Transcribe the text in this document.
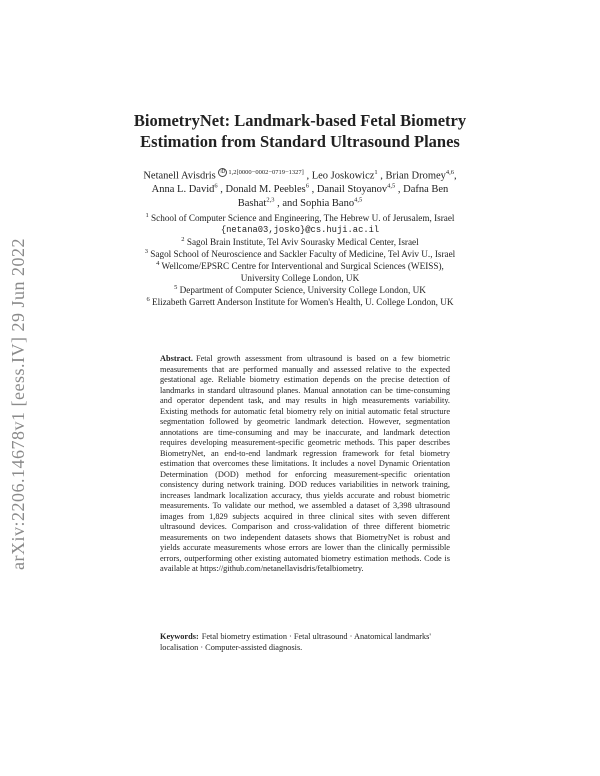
arXiv:2206.14678v1 [eess.IV] 29 Jun 2022
BiometryNet: Landmark-based Fetal Biometry
Estimation from Standard Ultrasound Planes
Netanell Avisdris $^{iD 1,2[0000-0002-0719-1327]}$ , Leo Joskowicz$^1$ , Brian Dromey$^{4,6}$,
Anna L. David$^6$ , Donald M. Peebles$^6$ , Danail Stoyanov$^{4,5}$ , Dafna Ben
Bashat$^{2,3}$ , and Sophia Bano$^{4,5}$
$^1$ School of Computer Science and Engineering, The Hebrew U. of Jerusalem, Israel
{netana03,josko}@cs.huji.ac.il
$^2$ Sagol Brain Institute, Tel Aviv Sourasky Medical Center, Israel
$^3$ Sagol School of Neuroscience and Sackler Faculty of Medicine, Tel Aviv U., Israel
$^4$ Wellcome/EPSRC Centre for Interventional and Surgical Sciences (WEISS),
University College London, UK
$^5$ Department of Computer Science, University College London, UK
$^6$ Elizabeth Garrett Anderson Institute for Women's Health, U. College London, UK
Abstract. Fetal growth assessment from ultrasound is based on a few biometric measurements that are performed manually and assessed relative to the expected gestational age. Reliable biometry estimation depends on the precise detection of landmarks in standard ultrasound planes. Manual annotation can be time-consuming and operator dependent task, and may results in high measurements variability. Existing methods for automatic fetal biometry rely on initial automatic fetal structure segmentation followed by geometric landmark detection. However, segmentation annotations are time-consuming and may be inaccurate, and landmark detection requires developing measurement-specific geometric methods. This paper describes BiometryNet, an end-to-end landmark regression framework for fetal biometry estimation that overcomes these limitations. It includes a novel Dynamic Orientation Determination (DOD) method for enforcing measurement-specific orientation consistency during network training. DOD reduces variabilities in network training, increases landmark localization accuracy, thus yields accurate and robust biometric measurements. To validate our method, we assembled a dataset of 3,398 ultrasound images from 1,829 subjects acquired in three clinical sites with seven different ultrasound devices. Comparison and cross-validation of three different biometric measurements on two independent datasets shows that BiometryNet is robust and yields accurate measurements whose errors are lower than the clinically permissible errors, outperforming other existing automated biometry estimation methods. Code is available at https://github.com/netanellavisdris/fetalbiometry.
Keywords: Fetal biometry estimation · Fetal ultrasound · Anatomical landmarks' localisation · Computer-assisted diagnosis.
